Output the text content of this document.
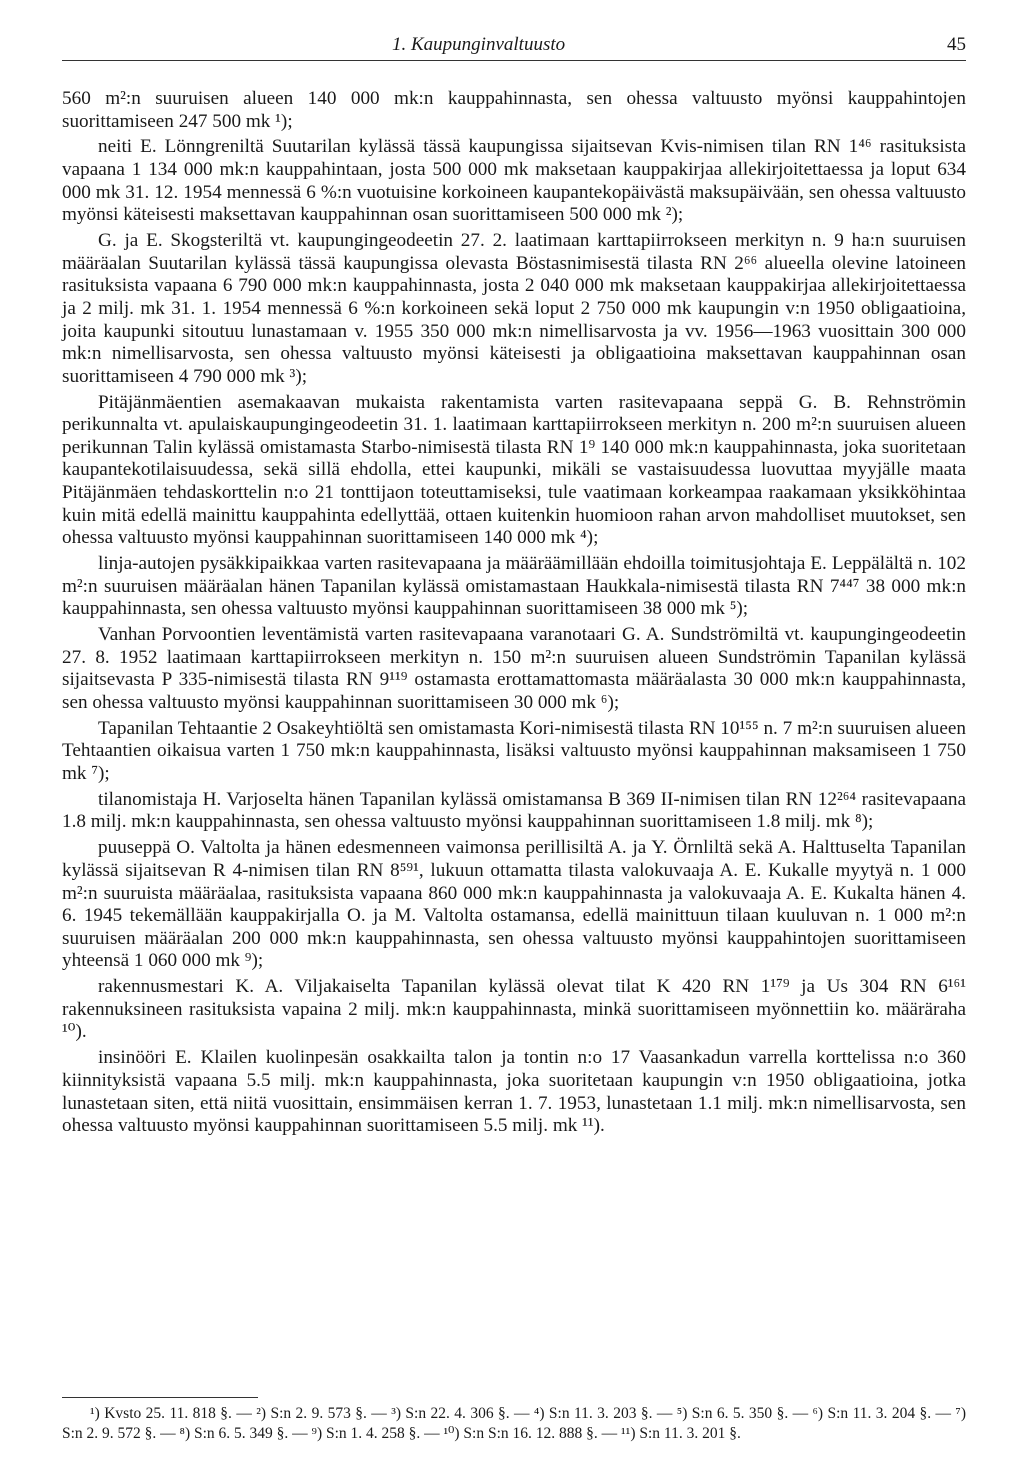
1. Kaupunginvaltuusto	45

560 m²:n suuruisen alueen 140 000 mk:n kauppahinnasta, sen ohessa valtuusto myönsi kauppahintojen suorittamiseen 247 500 mk ¹);

neiti E. Lönngreniltä Suutarilan kylässä tässä kaupungissa sijaitsevan Kvis-nimisen tilan RN 1⁴⁶ rasituksista vapaana 1 134 000 mk:n kauppahintaan, josta 500 000 mk maksetaan kauppakirjaa allekirjoitettaessa ja loput 634 000 mk 31. 12. 1954 mennessä 6 %:n vuotuisine korkoineen kaupantekopäivästä maksupäivään, sen ohessa valtuusto myönsi käteisesti maksettavan kauppahinnan osan suorittamiseen 500 000 mk ²);

G. ja E. Skogsteriltä vt. kaupungingeodeetin 27. 2. laatimaan karttapiirrokseen merkityn n. 9 ha:n suuruisen määräalan Suutarilan kylässä tässä kaupungissa olevasta Böstasnimisestä tilasta RN 2⁶⁶ alueella olevine latoineen rasituksista vapaana 6 790 000 mk:n kauppahinnasta, josta 2 040 000 mk maksetaan kauppakirjaa allekirjoitettaessa ja 2 milj. mk 31. 1. 1954 mennessä 6 %:n korkoineen sekä loput 2 750 000 mk kaupungin v:n 1950 obligaatioina, joita kaupunki sitoutuu lunastamaan v. 1955 350 000 mk:n nimellisarvosta ja vv. 1956—1963 vuosittain 300 000 mk:n nimellisarvosta, sen ohessa valtuusto myönsi käteisesti ja obligaatioina maksettavan kauppahinnan osan suorittamiseen 4 790 000 mk ³);

Pitäjänmäentien asemakaavan mukaista rakentamista varten rasitevapaana seppä G. B. Rehnströmin perikunnalta vt. apulaiskaupungingeodeetin 31. 1. laatimaan karttapiirrokseen merkityn n. 200 m²:n suuruisen alueen perikunnan Talin kylässä omistamasta Starbo-nimisestä tilasta RN 1⁹ 140 000 mk:n kauppahinnasta, joka suoritetaan kaupantekotilaisuudessa, sekä sillä ehdolla, ettei kaupunki, mikäli se vastaisuudessa luovuttaa myyjälle maata Pitäjänmäen tehdaskorttelin n:o 21 tonttijaon toteuttamiseksi, tule vaatimaan korkeampaa raakamaan yksikköhintaa kuin mitä edellä mainittu kauppahinta edellyttää, ottaen kuitenkin huomioon rahan arvon mahdolliset muutokset, sen ohessa valtuusto myönsi kauppahinnan suorittamiseen 140 000 mk ⁴);

linja-autojen pysäkkipaikkaa varten rasitevapaana ja määräämillään ehdoilla toimitusjohtaja E. Leppälältä n. 102 m²:n suuruisen määräalan hänen Tapanilan kylässä omistamastaan Haukkala-nimisestä tilasta RN 7⁴⁴⁷ 38 000 mk:n kauppahinnasta, sen ohessa valtuusto myönsi kauppahinnan suorittamiseen 38 000 mk ⁵);

Vanhan Porvoontien leventämistä varten rasitevapaana varanotaari G. A. Sundströmiltä vt. kaupungingeodeetin 27. 8. 1952 laatimaan karttapiirrokseen merkityn n. 150 m²:n suuruisen alueen Sundströmin Tapanilan kylässä sijaitsevasta P 335-nimisestä tilasta RN 9¹¹⁹ ostamasta erottamattomasta määräalasta 30 000 mk:n kauppahinnasta, sen ohessa valtuusto myönsi kauppahinnan suorittamiseen 30 000 mk ⁶);

Tapanilan Tehtaantie 2 Osakeyhtiöltä sen omistamasta Kori-nimisestä tilasta RN 10¹⁵⁵ n. 7 m²:n suuruisen alueen Tehtaantien oikaisua varten 1 750 mk:n kauppahinnasta, lisäksi valtuusto myönsi kauppahinnan maksamiseen 1 750 mk ⁷);

tilanomistaja H. Varjoselta hänen Tapanilan kylässä omistamansa B 369 II-nimisen tilan RN 12²⁶⁴ rasitevapaana 1.8 milj. mk:n kauppahinnasta, sen ohessa valtuusto myönsi kauppahinnan suorittamiseen 1.8 milj. mk ⁸);

puuseppä O. Valtolta ja hänen edesmenneen vaimonsa perillisiltä A. ja Y. Örnliltä sekä A. Halttuselta Tapanilan kylässä sijaitsevan R 4-nimisen tilan RN 8⁵⁹¹, lukuun ottamatta tilasta valokuvaaja A. E. Kukalle myytyä n. 1 000 m²:n suuruista määräalaa, rasituksista vapaana 860 000 mk:n kauppahinnasta ja valokuvaaja A. E. Kukalta hänen 4. 6. 1945 tekemällään kauppakirjalla O. ja M. Valtolta ostamansa, edellä mainittuun tilaan kuuluvan n. 1 000 m²:n suuruisen määräalan 200 000 mk:n kauppahinnasta, sen ohessa valtuusto myönsi kauppahintojen suorittamiseen yhteensä 1 060 000 mk ⁹);

rakennusmestari K. A. Viljakaiselta Tapanilan kylässä olevat tilat K 420 RN 1¹⁷⁹ ja Us 304 RN 6¹⁶¹ rakennuksineen rasituksista vapaina 2 milj. mk:n kauppahinnasta, minkä suorittamiseen myönnettiin ko. määräraha ¹⁰).

insinööri E. Klailen kuolinpesän osakkailta talon ja tontin n:o 17 Vaasankadun varrella korttelissa n:o 360 kiinnityksistä vapaana 5.5 milj. mk:n kauppahinnasta, joka suoritetaan kaupungin v:n 1950 obligaatioina, jotka lunastetaan siten, että niitä vuosittain, ensimmäisen kerran 1. 7. 1953, lunastetaan 1.1 milj. mk:n nimellisarvosta, sen ohessa valtuusto myönsi kauppahinnan suorittamiseen 5.5 milj. mk ¹¹).

¹) Kvsto 25. 11. 818 §. — ²) S:n 2. 9. 573 §. — ³) S:n 22. 4. 306 §. — ⁴) S:n 11. 3. 203 §. — ⁵) S:n 6. 5. 350 §. — ⁶) S:n 11. 3. 204 §. — ⁷) S:n 2. 9. 572 §. — ⁸) S:n 6. 5. 349 §. — ⁹) S:n 1. 4. 258 §. — ¹⁰) S:n S:n 16. 12. 888 §. — ¹¹) S:n 11. 3. 201 §.
